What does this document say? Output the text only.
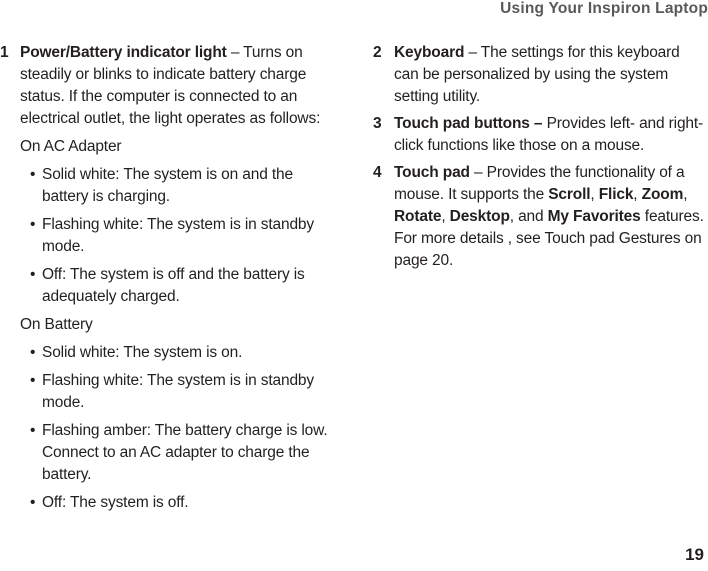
Using Your Inspiron Laptop
1 Power/Battery indicator light – Turns on steadily or blinks to indicate battery charge status. If the computer is connected to an electrical outlet, the light operates as follows:
On AC Adapter
• Solid white: The system is on and the battery is charging.
• Flashing white: The system is in standby mode.
• Off: The system is off and the battery is adequately charged.
On Battery
• Solid white: The system is on.
• Flashing white: The system is in standby mode.
• Flashing amber: The battery charge is low. Connect to an AC adapter to charge the battery.
• Off: The system is off.
2 Keyboard – The settings for this keyboard can be personalized by using the system setting utility.
3 Touch pad buttons – Provides left- and right-click functions like those on a mouse.
4 Touch pad – Provides the functionality of a mouse. It supports the Scroll, Flick, Zoom, Rotate, Desktop, and My Favorites features. For more details , see Touch pad Gestures on page 20.
19
